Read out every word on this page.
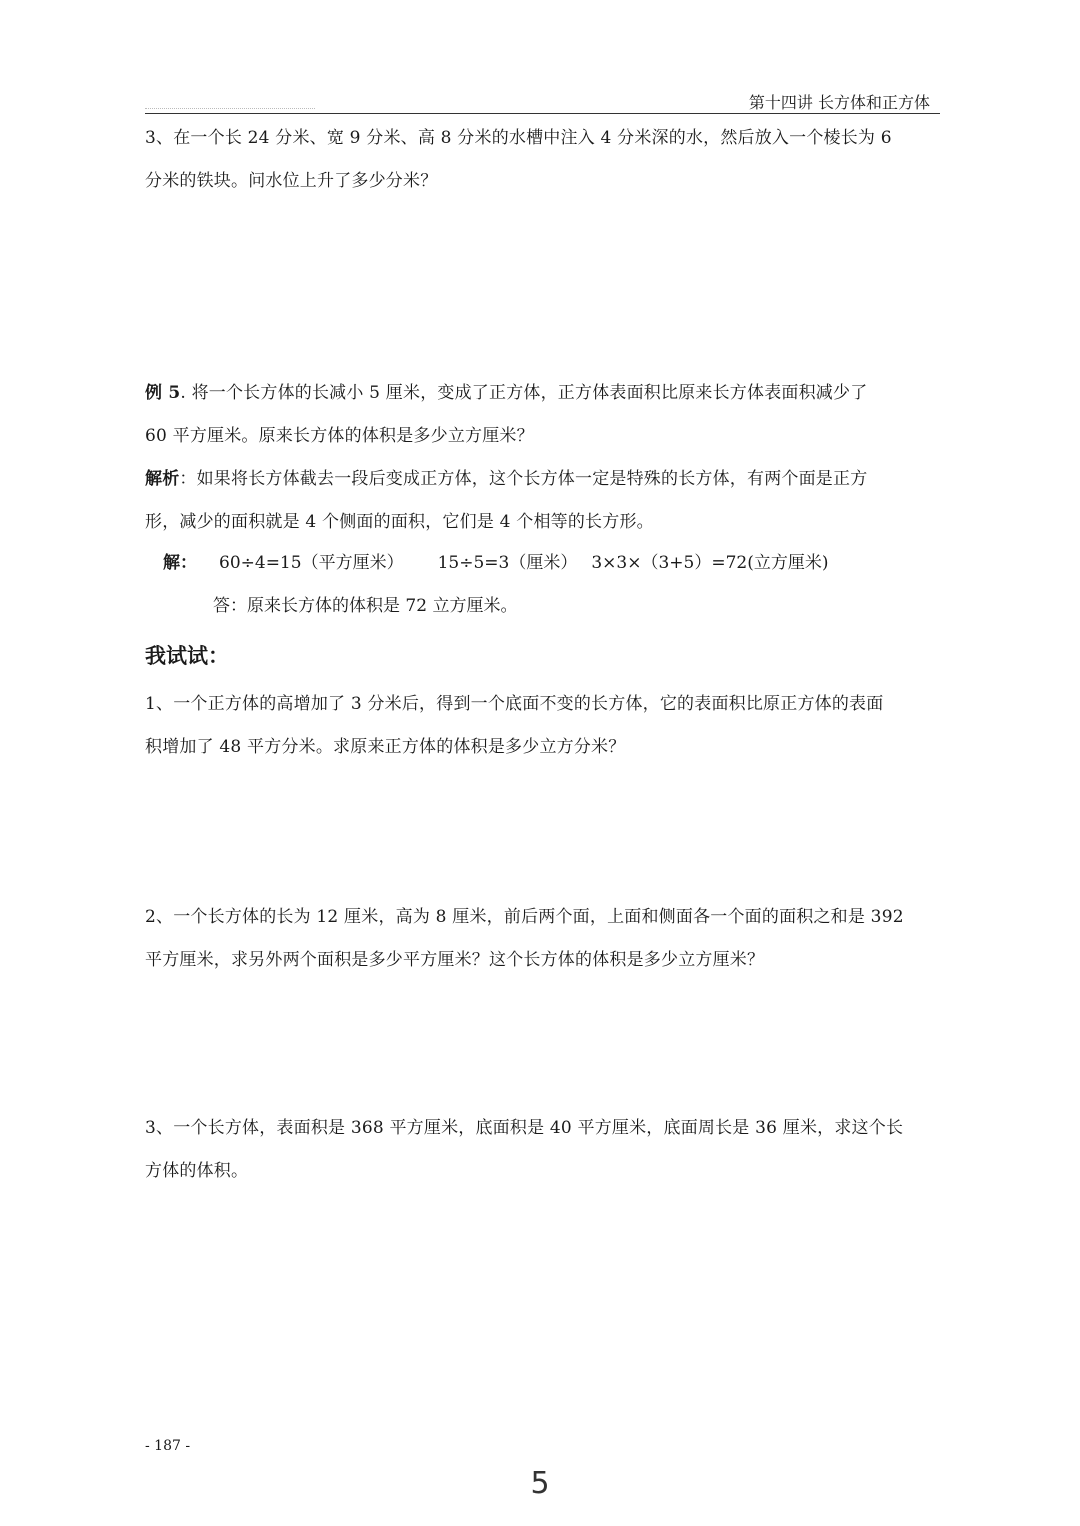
第十四讲 长方体和正方体
3、在一个长 24 分米、宽 9 分米、高 8 分米的水槽中注入 4 分米深的水，然后放入一个棱长为 6
分米的铁块。问水位上升了多少分米？
例 5. 将一个长方体的长减小 5 厘米，变成了正方体，正方体表面积比原来长方体表面积减少了
60 平方厘米。原来长方体的体积是多少立方厘米？
解析：如果将长方体截去一段后变成正方体，这个长方体一定是特殊的长方体，有两个面是正方
形，减少的面积就是 4 个侧面的面积，它们是 4 个相等的长方形。
解： 60÷4=15（平方厘米） 15÷5=3（厘米） 3×3×（3+5）=72(立方厘米)
答：原来长方体的体积是 72 立方厘米。
我试试：
1、一个正方体的高增加了 3 分米后，得到一个底面不变的长方体，它的表面积比原正方体的表面
积增加了 48 平方分米。求原来正方体的体积是多少立方分米？
2、一个长方体的长为 12 厘米，高为 8 厘米，前后两个面，上面和侧面各一个面的面积之和是 392
平方厘米，求另外两个面积是多少平方厘米？这个长方体的体积是多少立方厘米？
3、一个长方体，表面积是 368 平方厘米，底面积是 40 平方厘米，底面周长是 36 厘米，求这个长
方体的体积。
- 187 -
5
